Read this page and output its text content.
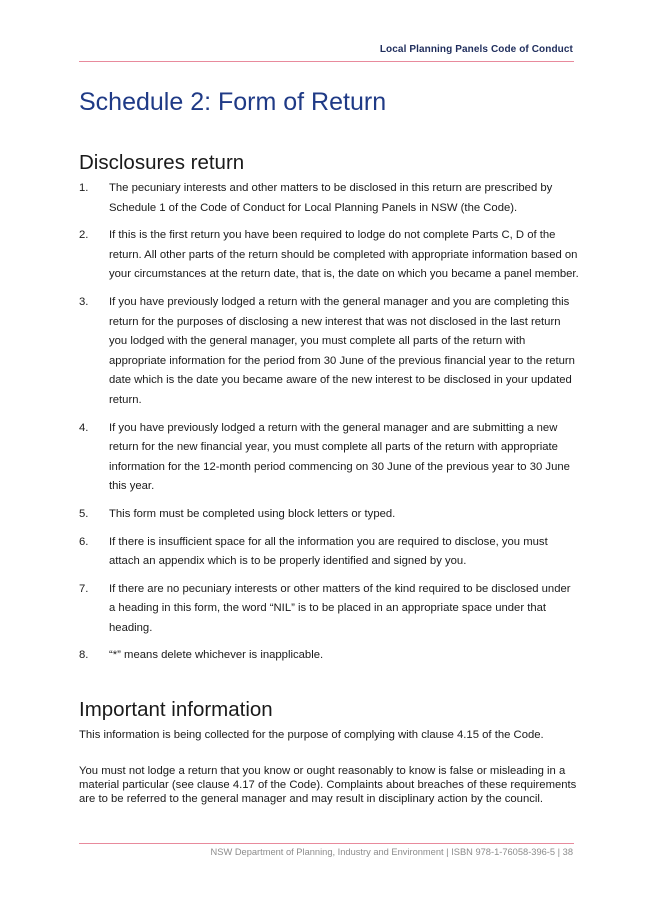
Local Planning Panels Code of Conduct
Schedule 2: Form of Return
Disclosures return
1. The pecuniary interests and other matters to be disclosed in this return are prescribed by Schedule 1 of the Code of Conduct for Local Planning Panels in NSW (the Code).
2. If this is the first return you have been required to lodge do not complete Parts C, D of the return. All other parts of the return should be completed with appropriate information based on your circumstances at the return date, that is, the date on which you became a panel member.
3. If you have previously lodged a return with the general manager and you are completing this return for the purposes of disclosing a new interest that was not disclosed in the last return you lodged with the general manager, you must complete all parts of the return with appropriate information for the period from 30 June of the previous financial year to the return date which is the date you became aware of the new interest to be disclosed in your updated return.
4. If you have previously lodged a return with the general manager and are submitting a new return for the new financial year, you must complete all parts of the return with appropriate information for the 12-month period commencing on 30 June of the previous year to 30 June this year.
5. This form must be completed using block letters or typed.
6. If there is insufficient space for all the information you are required to disclose, you must attach an appendix which is to be properly identified and signed by you.
7. If there are no pecuniary interests or other matters of the kind required to be disclosed under a heading in this form, the word “NIL” is to be placed in an appropriate space under that heading.
8. “*” means delete whichever is inapplicable.
Important information

This information is being collected for the purpose of complying with clause 4.15 of the Code.

You must not lodge a return that you know or ought reasonably to know is false or misleading in a material particular (see clause 4.17 of the Code). Complaints about breaches of these requirements are to be referred to the general manager and may result in disciplinary action by the council.

NSW Department of Planning, Industry and Environment | ISBN 978-1-76058-396-5 | 38
